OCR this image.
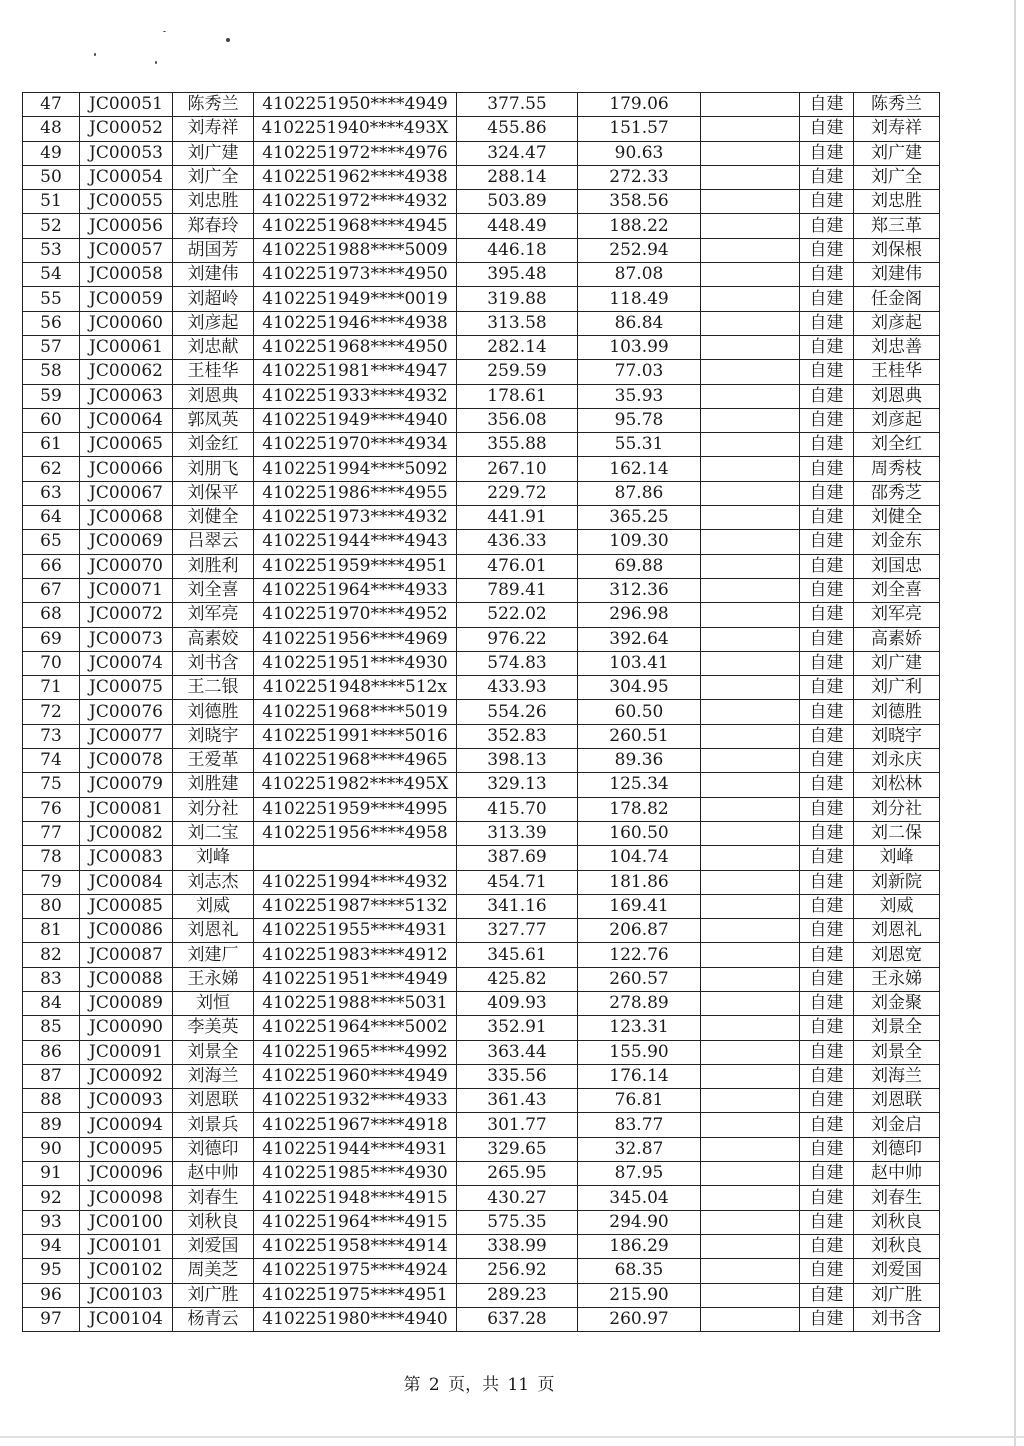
47	JC00051	陈秀兰	4102251950****4949	377.55	179.06		自建	陈秀兰
48	JC00052	刘寿祥	4102251940****493X	455.86	151.57		自建	刘寿祥
49	JC00053	刘广建	4102251972****4976	324.47	90.63		自建	刘广建
50	JC00054	刘广全	4102251962****4938	288.14	272.33		自建	刘广全
51	JC00055	刘忠胜	4102251972****4932	503.89	358.56		自建	刘忠胜
52	JC00056	郑春玲	4102251968****4945	448.49	188.22		自建	郑三革
53	JC00057	胡国芳	4102251988****5009	446.18	252.94		自建	刘保根
54	JC00058	刘建伟	4102251973****4950	395.48	87.08		自建	刘建伟
55	JC00059	刘超岭	4102251949****0019	319.88	118.49		自建	任金阁
56	JC00060	刘彦起	4102251946****4938	313.58	86.84		自建	刘彦起
57	JC00061	刘忠献	4102251968****4950	282.14	103.99		自建	刘忠善
58	JC00062	王桂华	4102251981****4947	259.59	77.03		自建	王桂华
59	JC00063	刘恩典	4102251933****4932	178.61	35.93		自建	刘恩典
60	JC00064	郭凤英	4102251949****4940	356.08	95.78		自建	刘彦起
61	JC00065	刘金红	4102251970****4934	355.88	55.31		自建	刘全红
62	JC00066	刘朋飞	4102251994****5092	267.10	162.14		自建	周秀枝
63	JC00067	刘保平	4102251986****4955	229.72	87.86		自建	邵秀芝
64	JC00068	刘健全	4102251973****4932	441.91	365.25		自建	刘健全
65	JC00069	吕翠云	4102251944****4943	436.33	109.30		自建	刘金东
66	JC00070	刘胜利	4102251959****4951	476.01	69.88		自建	刘国忠
67	JC00071	刘全喜	4102251964****4933	789.41	312.36		自建	刘全喜
68	JC00072	刘军亮	4102251970****4952	522.02	296.98		自建	刘军亮
69	JC00073	高素姣	4102251956****4969	976.22	392.64		自建	高素娇
70	JC00074	刘书含	4102251951****4930	574.83	103.41		自建	刘广建
71	JC00075	王二银	4102251948****512x	433.93	304.95		自建	刘广利
72	JC00076	刘德胜	4102251968****5019	554.26	60.50		自建	刘德胜
73	JC00077	刘晓宇	4102251991****5016	352.83	260.51		自建	刘晓宇
74	JC00078	王爱革	4102251968****4965	398.13	89.36		自建	刘永庆
75	JC00079	刘胜建	4102251982****495X	329.13	125.34		自建	刘松林
76	JC00081	刘分社	4102251959****4995	415.70	178.82		自建	刘分社
77	JC00082	刘二宝	4102251956****4958	313.39	160.50		自建	刘二保
78	JC00083	刘峰		387.69	104.74		自建	刘峰
79	JC00084	刘志杰	4102251994****4932	454.71	181.86		自建	刘新院
80	JC00085	刘威	4102251987****5132	341.16	169.41		自建	刘威
81	JC00086	刘恩礼	4102251955****4931	327.77	206.87		自建	刘恩礼
82	JC00087	刘建厂	4102251983****4912	345.61	122.76		自建	刘恩宽
83	JC00088	王永娣	4102251951****4949	425.82	260.57		自建	王永娣
84	JC00089	刘恒	4102251988****5031	409.93	278.89		自建	刘金聚
85	JC00090	李美英	4102251964****5002	352.91	123.31		自建	刘景全
86	JC00091	刘景全	4102251965****4992	363.44	155.90		自建	刘景全
87	JC00092	刘海兰	4102251960****4949	335.56	176.14		自建	刘海兰
88	JC00093	刘恩联	4102251932****4933	361.43	76.81		自建	刘恩联
89	JC00094	刘景兵	4102251967****4918	301.77	83.77		自建	刘金启
90	JC00095	刘德印	4102251944****4931	329.65	32.87		自建	刘德印
91	JC00096	赵中帅	4102251985****4930	265.95	87.95		自建	赵中帅
92	JC00098	刘春生	4102251948****4915	430.27	345.04		自建	刘春生
93	JC00100	刘秋良	4102251964****4915	575.35	294.90		自建	刘秋良
94	JC00101	刘爱国	4102251958****4914	338.99	186.29		自建	刘秋良
95	JC00102	周美芝	4102251975****4924	256.92	68.35		自建	刘爱国
96	JC00103	刘广胜	4102251975****4951	289.23	215.90		自建	刘广胜
97	JC00104	杨青云	4102251980****4940	637.28	260.97		自建	刘书含
第 2 页，共 11 页
